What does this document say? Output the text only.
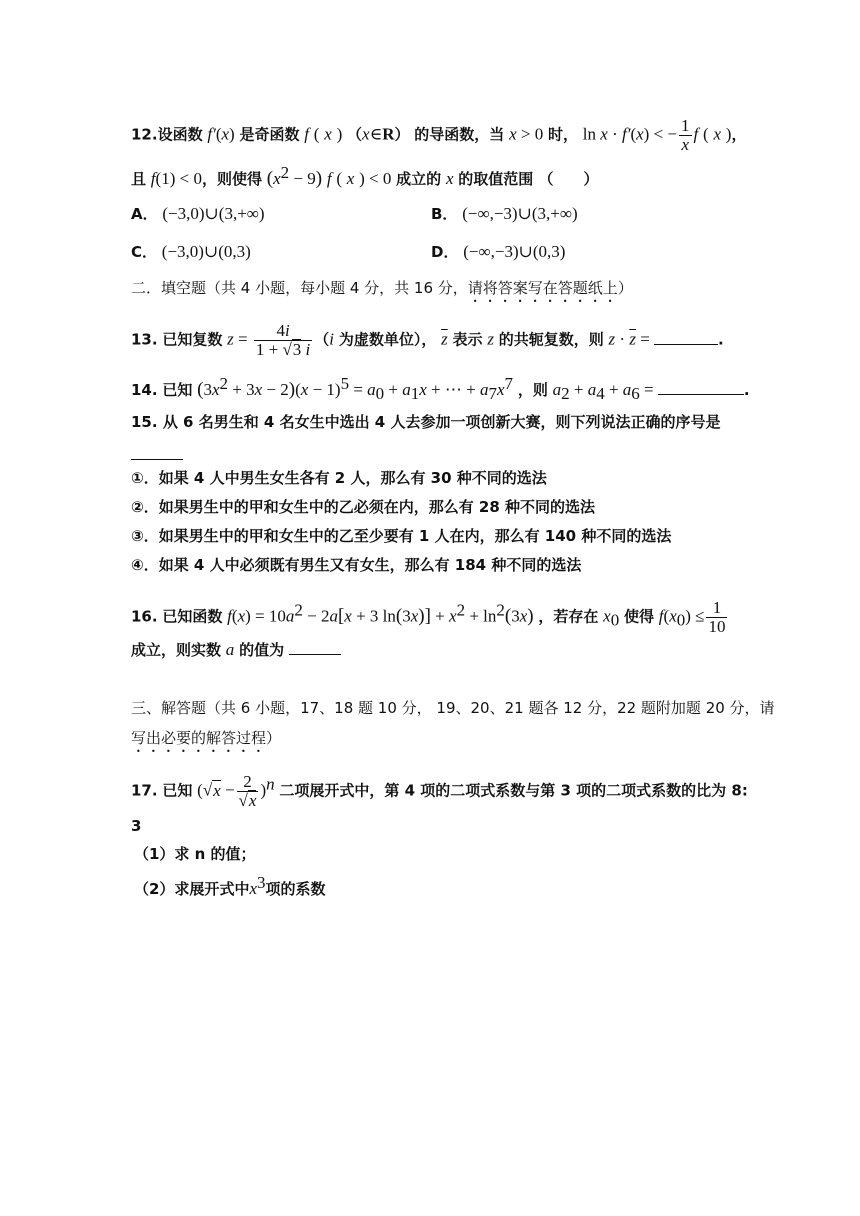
12.设函数 f′(x) 是奇函数 f ( x ) （x∈R） 的导函数，当 x > 0 时， ln x · f′(x) < − $\frac{1}{x}$ f ( x )，
且 f(1) < 0，则使得 $(x^2 - 9)$ f ( x ) < 0 成立的 x 的取值范围 （　　）
A． (−3,0)∪(3,+∞)	B． (−∞,−3)∪(3,+∞)
C． (−3,0)∪(0,3)	D． (−∞,−3)∪(0,3)
二．填空题（共 4 小题，每小题 4 分，共 16 分，请将答案写在答题纸上）
13. 已知复数 $z = \frac{4i}{1 + √3 i} (i$ 为虚数单位）， $\overline{z}$ 表示 z 的共轭复数，则 $z \cdot \overline{z}$ =	.
14. 已知 $(3x^2 + 3x - 2)(x - 1)^5 = a_0 + a_1x$ + ⋯ + $a_7x^7$ ，则 $a_2 + a_4 + a_6$ =	.
15. 从 6 名男生和 4 名女生中选出 4 人去参加一项创新大赛，则下列说法正确的序号是
①．如果 4 人中男生女生各有 2 人，那么有 30 种不同的选法
②．如果男生中的甲和女生中的乙必须在内，那么有 28 种不同的选法
③．如果男生中的甲和女生中的乙至少要有 1 人在内，那么有 140 种不同的选法
④．如果 4 人中必须既有男生又有女生，那么有 184 种不同的选法
16. 已知函数 $f(x) = 10a^2 - 2a[x + 3$ $\ln(3x)] + x^2 + \ln^2(3x)$ ，若存在 $x_0$ 使得 $f(x_0) \le \frac{1}{10}$
成立，则实数 a 的值为
三、解答题（共 6 小题，17、18 题 10 分， 19、20、21 题各 12 分，22 题附加题 20 分，请
写出必要的解答过程）
17. 已知 $(√x - \frac{2}{√x} )^n$ 二项展开式中，第 4 项的二项式系数与第 3 项的二项式系数的比为 8:
3
（1）求 n 的值；
（2）求展开式中$x^3$项的系数
